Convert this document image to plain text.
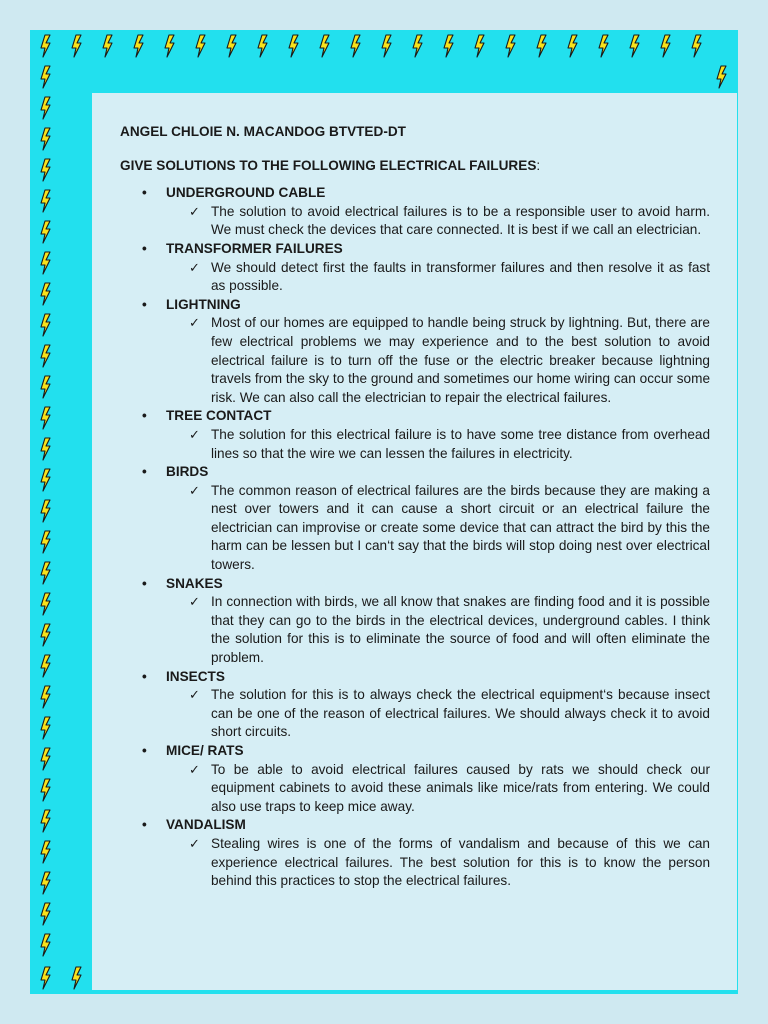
ANGEL CHLOIE N. MACANDOG BTVTED-DT

GIVE SOLUTIONS TO THE FOLLOWING ELECTRICAL FAILURES:

• UNDERGROUND CABLE
✓ The solution to avoid electrical failures is to be a responsible user to avoid harm. We must check the devices that care connected. It is best if we call an electrician.
• TRANSFORMER FAILURES
✓ We should detect first the faults in transformer failures and then resolve it as fast as possible.
• LIGHTNING
✓ Most of our homes are equipped to handle being struck by lightning. But, there are few electrical problems we may experience and to the best solution to avoid electrical failure is to turn off the fuse or the electric breaker because lightning travels from the sky to the ground and sometimes our home wiring can occur some risk. We can also call the electrician to repair the electrical failures.
• TREE CONTACT
✓ The solution for this electrical failure is to have some tree distance from overhead lines so that the wire we can lessen the failures in electricity.
• BIRDS
✓ The common reason of electrical failures are the birds because they are making a nest over towers and it can cause a short circuit or an electrical failure the electrician can improvise or create some device that can attract the bird by this the harm can be lessen but I can‘t say that the birds will stop doing nest over electrical towers.
• SNAKES
✓ In connection with birds, we all know that snakes are finding food and it is possible that they can go to the birds in the electrical devices, underground cables. I think the solution for this is to eliminate the source of food and will often eliminate the problem.
• INSECTS
✓ The solution for this is to always check the electrical equipment‘s because insect can be one of the reason of electrical failures. We should always check it to avoid short circuits.
• MICE/ RATS
✓ To be able to avoid electrical failures caused by rats we should check our equipment cabinets to avoid these animals like mice/rats from entering. We could also use traps to keep mice away.
• VANDALISM
✓ Stealing wires is one of the forms of vandalism and because of this we can experience electrical failures. The best solution for this is to know the person behind this practices to stop the electrical failures.
